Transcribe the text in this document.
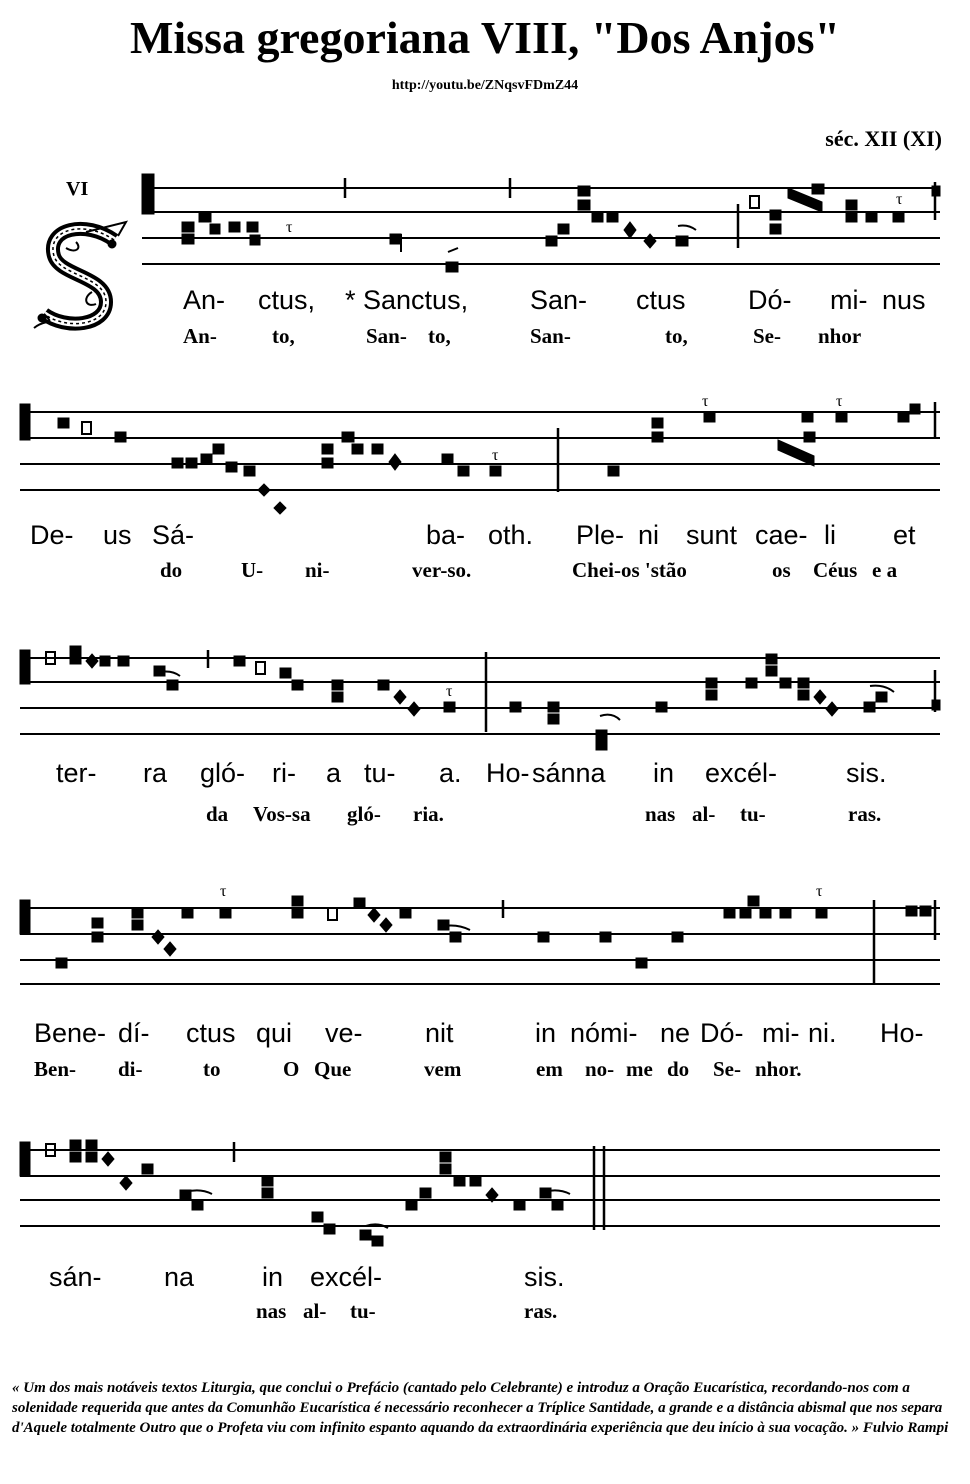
Missa gregoriana VIII, "Dos Anjos"
http://youtu.be/ZNqsvFDmZ44
séc. XII (XI)
VI
τ
τ
An- ctus, * Sanctus, San- ctus Dó- mi- nus
An-	to,	San- to,	San-	to,	Se- nhor
τ
τ	τ
De- us Sá-	ba- oth. Ple- ni sunt cae- li et
do	U- ni-	ver-so.	Chei-os 'stão	os Céus e a
τ
ter- ra gló- ri- a tu- a. Ho- sánna in excél-	sis.
da Vos-sa gló- ria.	nas al- tu-	ras.
τ	τ
Bene- dí- ctus qui ve- nit	in nómi- ne Dó- mi- ni. Ho-
Ben- di-	to	O Que	vem	em no- me do Se- nhor.
sán- na	in excél-	sis.
nas al- tu-	ras.
« Um dos mais notáveis textos Liturgia, que conclui o Prefácio (cantado pelo Celebrante) e introduz a Oração Eucarística, recordando-nos com a solenidade requerida que antes da Comunhão Eucarística é necessário reconhecer a Tríplice Santidade, a grande e a distância abismal que nos separa d'Aquele totalmente Outro que o Profeta viu com infinito espanto aquando da extraordinária experiência que deu início à sua vocação. » Fulvio Rampi
